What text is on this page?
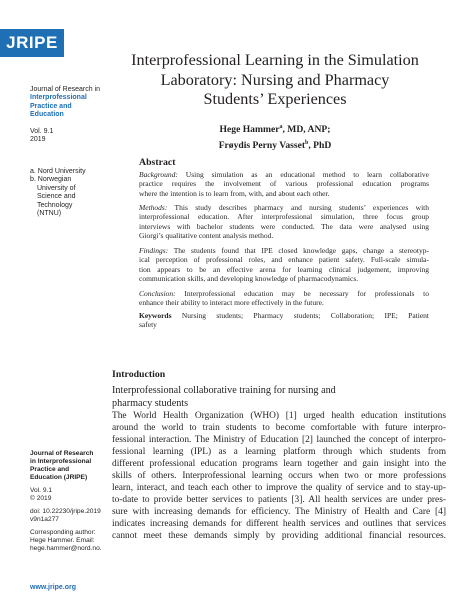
JRIPE
Journal of Research in
Interprofessional
Practice and
Education
Vol. 9.1
2019
a. Nord University
b. Norwegian
University of
Science and
Technology
(NTNU)
Interprofessional Learning in the Simulation
Laboratory: Nursing and Pharmacy
Students’ Experiences
Hege Hammer$^a$, MD, ANP;
Frøydis Perny Vasset$^b$, PhD
Abstract
Background: Using simulation as an educational method to learn collaborative
practice requires the involvement of various professional education programs
where the intention is to learn from, with, and about each other.
Methods: This study describes pharmacy and nursing students’ experiences with
interprofessional education. After interprofessional simulation, three focus group
interviews with bachelor students were conducted. The data were analysed using
Giorgi’s qualitative content analysis method.
Findings: The students found that IPE closed knowledge gaps, change a stereotyp-
ical perception of professional roles, and enhance patient safety. Full-scale simula-
tion appears to be an effective arena for learning clinical judgement, improving
communication skills, and developing knowledge of pharmacodynamics.
Conclusion: Interprofessional education may be necessary for professionals to
enhance their ability to interact more effectively in the future.
Keywords Nursing students; Pharmacy students; Collaboration; IPE; Patient
safety
Introduction
Interprofessional collaborative training for nursing and
pharmacy students
The World Health Organization (WHO) [1] urged health education institutions
around the world to train students to become comfortable with future interpro-
fessional interaction. The Ministry of Education [2] launched the concept of interpro-
fessional learning (IPL) as a learning platform through which students from
different professional education programs learn together and gain insight into the
skills of others. Interprofessional learning occurs when two or more professions
learn, interact, and teach each other to improve the quality of service and to stay-up-
to-date to provide better services to patients [3]. All health services are under pres-
sure with increasing demands for efficiency. The Ministry of Health and Care [4]
indicates increasing demands for different health services and outlines that services
cannot meet these demands simply by providing additional financial resources.
Journal of Research
in Interprofessional
Practice and
Education (JRIPE)
Vol. 9.1
© 2019
doi: 10.22230/jripe.2019
v9n1a277
Corresponding author:
Hege Hammer. Email:
hege.hammer@nord.no.
www.jripe.org
